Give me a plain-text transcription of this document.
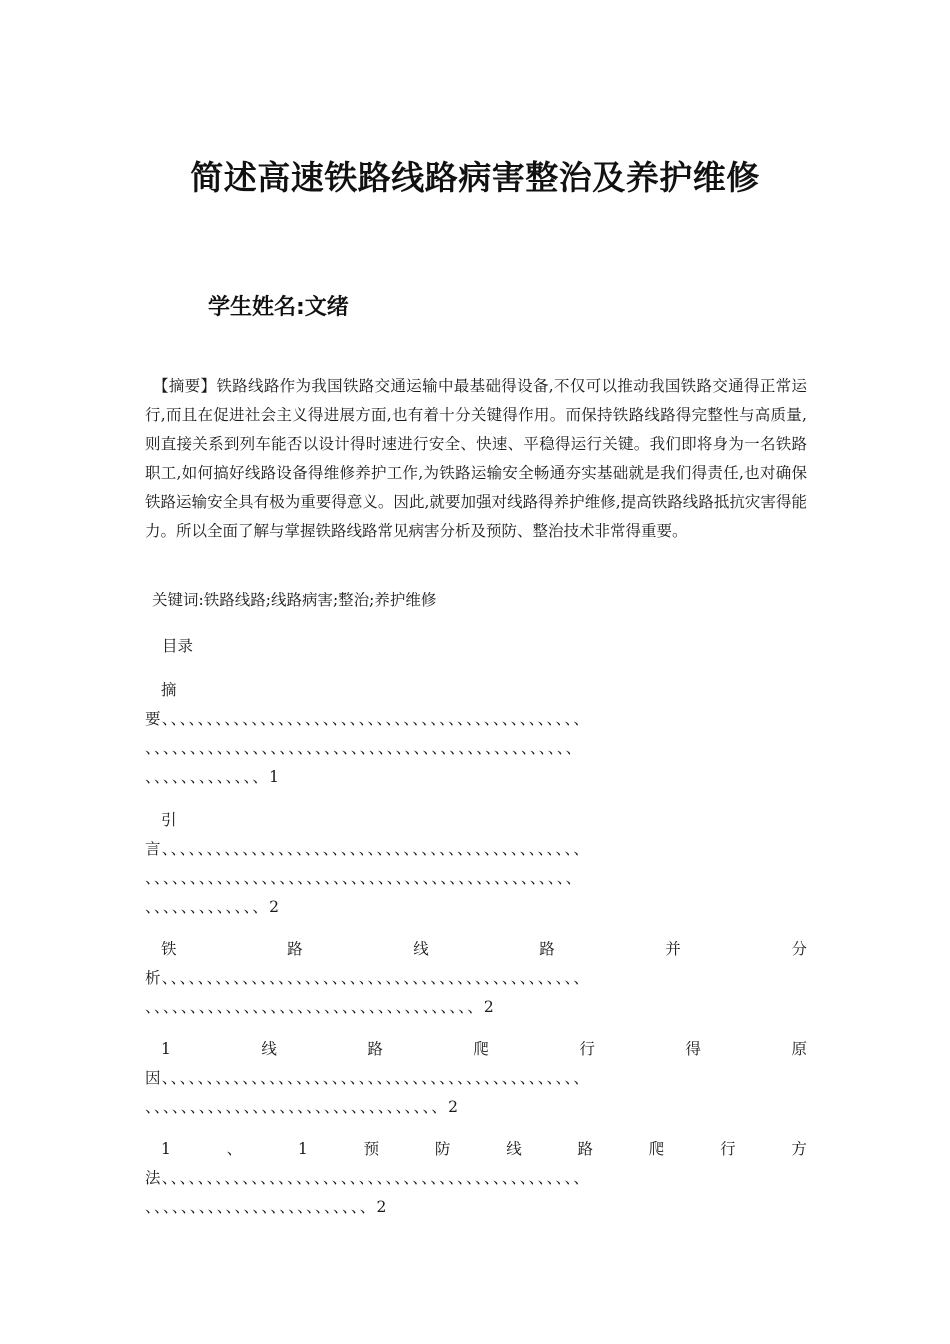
简述高速铁路线路病害整治及养护维修
学生姓名:文绪
【摘要】铁路线路作为我国铁路交通运输中最基础得设备,不仅可以推动我国铁路交通得正常运行,而且在促进社会主义得进展方面,也有着十分关键得作用。而保持铁路线路得完整性与高质量,则直接关系到列车能否以设计得时速进行安全、快速、平稳得运行关键。我们即将身为一名铁路职工,如何搞好线路设备得维修养护工作,为铁路运输安全畅通夯实基础就是我们得责任,也对确保铁路运输安全具有极为重要得意义。因此,就要加强对线路得养护维修,提高铁路线路抵抗灾害得能力。所以全面了解与掌握铁路线路常见病害分析及预防、整治技术非常得重要。
关键词:铁路线路;线路病害;整治;养护维修
目录
摘
要、、、、、、、、、、、、、、、、、、、、、、、、、、、、、、、、、、、、、、、、、、、、、、、
、、、、、、、、、、、、、、、、、、、、、、、、、、、、、、、、、、、、、、、、、、、、、、、、
、、、、、、、、、、、、、1
引
言、、、、、、、、、、、、、、、、、、、、、、、、、、、、、、、、、、、、、、、、、、、、、、、
、、、、、、、、、、、、、、、、、、、、、、、、、、、、、、、、、、、、、、、、、、、、、、、、
、、、、、、、、、、、、、2
铁	路	线	路	并	分
析、、、、、、、、、、、、、、、、、、、、、、、、、、、、、、、、、、、、、、、、、、、、、、、
、、、、、、、、、、、、、、、、、、、、、、、、、、、、、、、、、、、、、2
1	线	路	爬	行	得	原
因、、、、、、、、、、、、、、、、、、、、、、、、、、、、、、、、、、、、、、、、、、、、、、、
、、、、、、、、、、、、、、、、、、、、、、、、、、、、、、、、、2
1	、	1	预	防	线	路	爬	行	方
法、、、、、、、、、、、、、、、、、、、、、、、、、、、、、、、、、、、、、、、、、、、、、、、
、、、、、、、、、、、、、、、、、、、、、、、、、2
